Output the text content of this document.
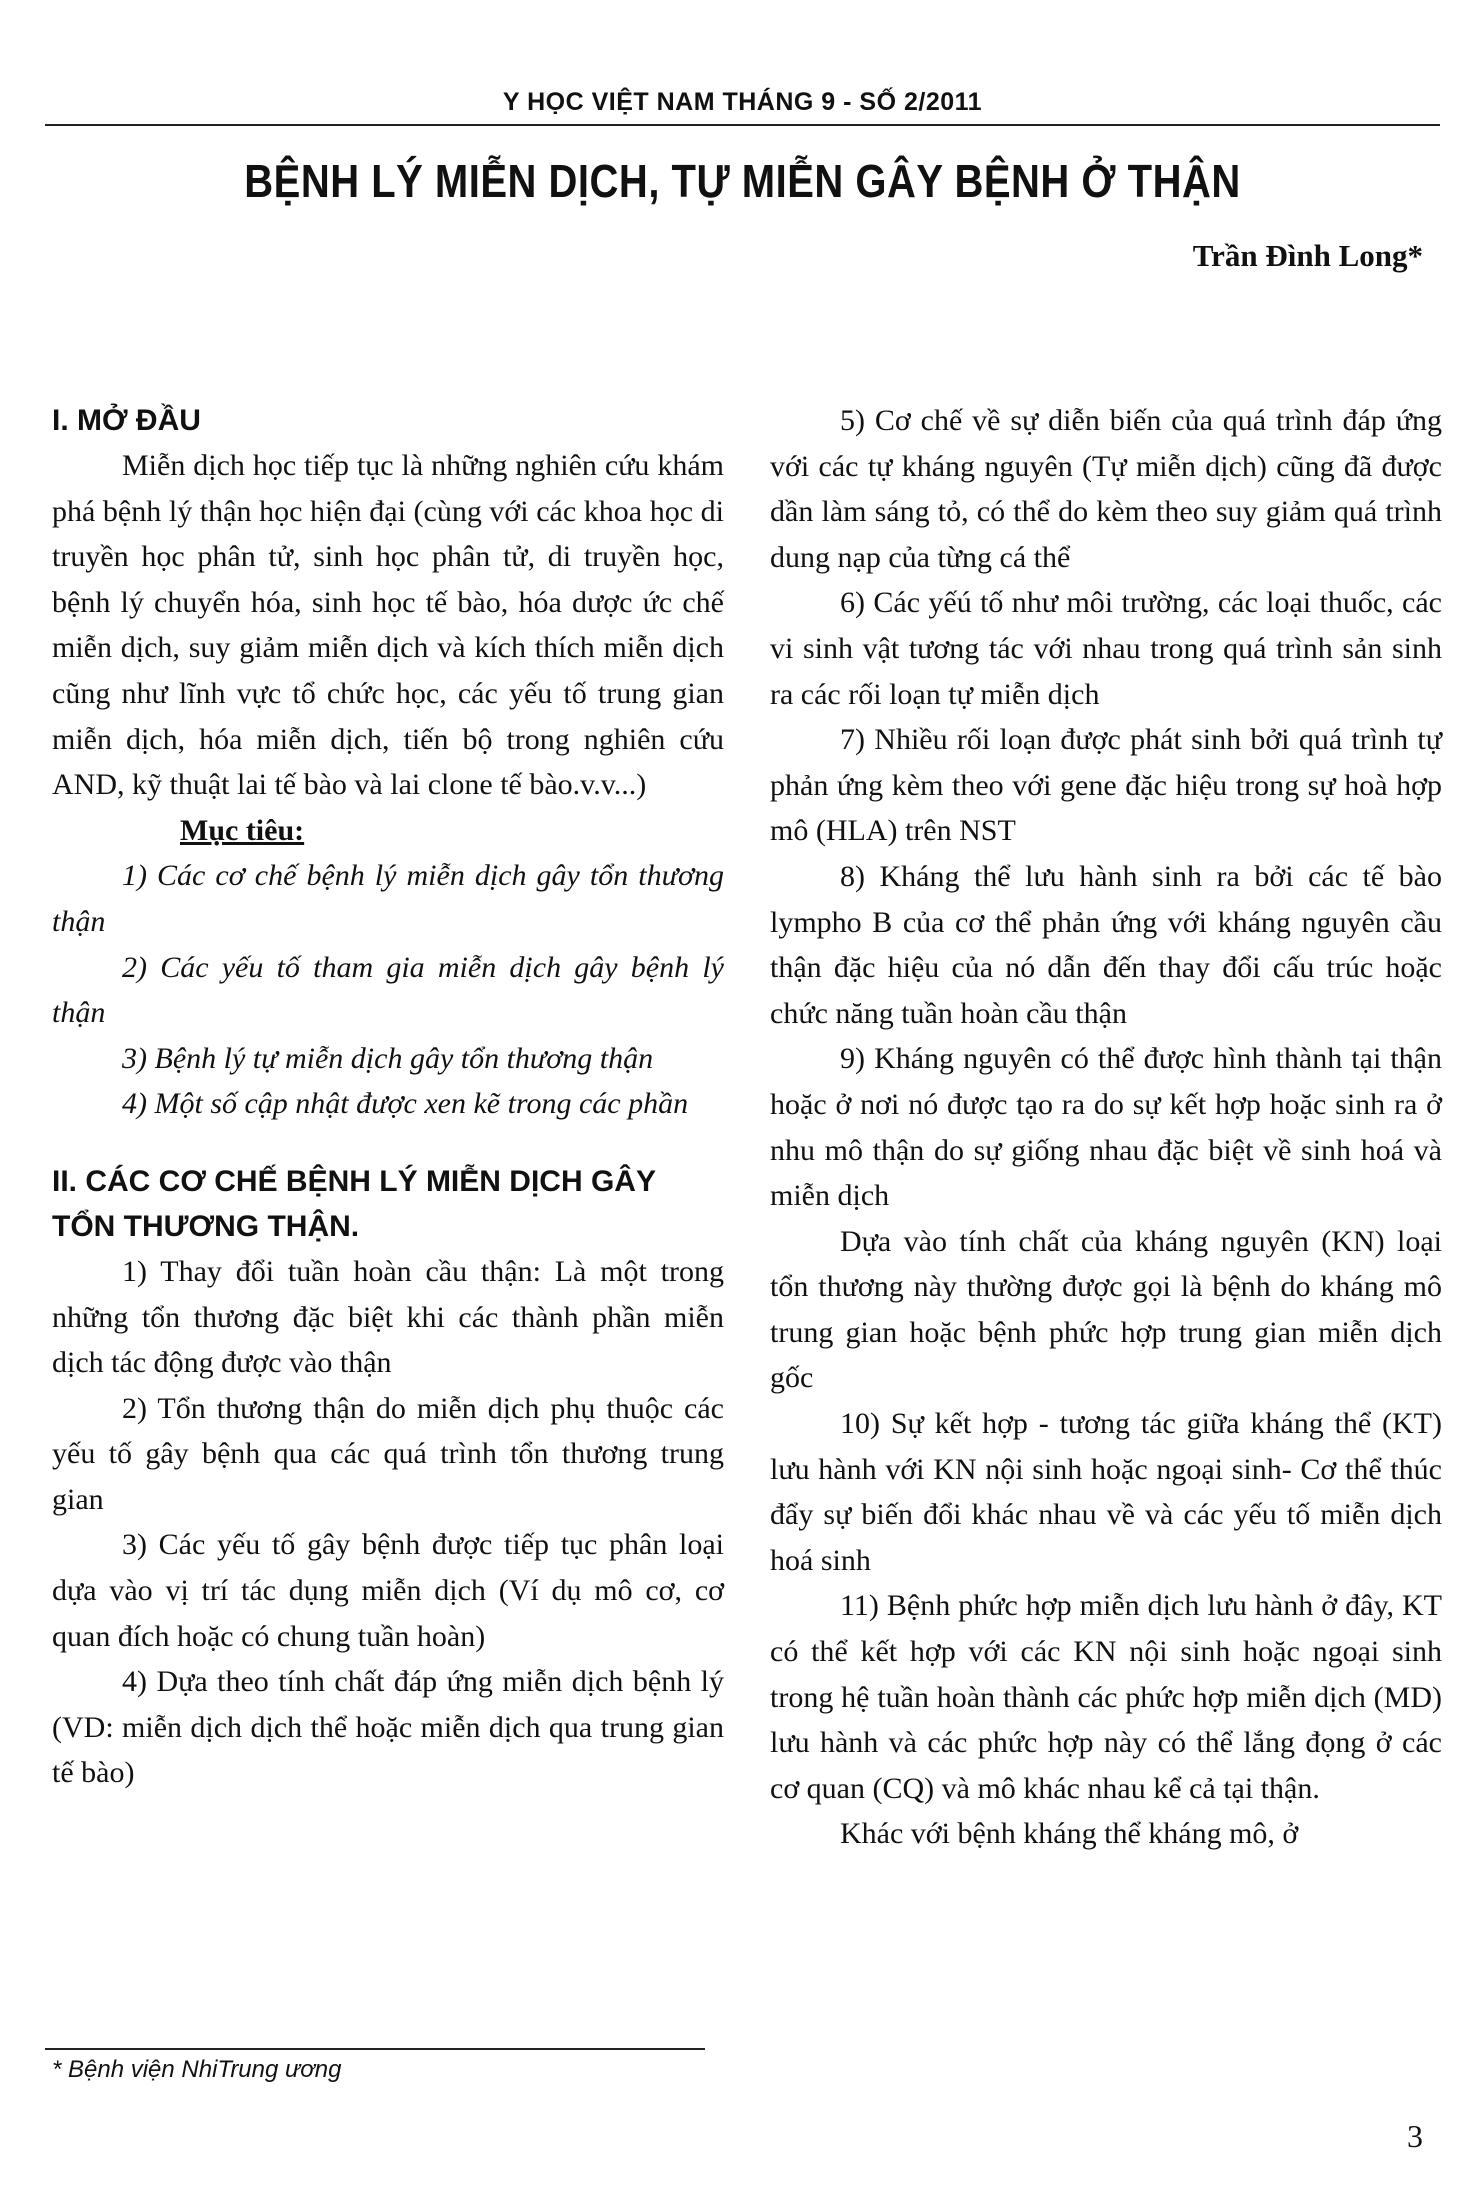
Y HỌC VIỆT NAM THÁNG 9 - SỐ 2/2011
BỆNH LÝ MIỄN DỊCH, TỰ MIỄN GÂY BỆNH Ở THẬN
Trần Đình Long*
I. MỞ ĐẦU

Miễn dịch học tiếp tục là những nghiên cứu khám phá bệnh lý thận học hiện đại (cùng với các khoa học di truyền học phân tử, sinh học phân tử, di truyền học, bệnh lý chuyển hóa, sinh học tế bào, hóa dược ức chế miễn dịch, suy giảm miễn dịch và kích thích miễn dịch cũng như lĩnh vực tổ chức học, các yếu tố trung gian miễn dịch, hóa miễn dịch, tiến bộ trong nghiên cứu AND, kỹ thuật lai tế bào và lai clone tế bào.v.v...)

Mục tiêu:

1) Các cơ chế bệnh lý miễn dịch gây tổn thương thận

2) Các yếu tố tham gia miễn dịch gây bệnh lý thận

3) Bệnh lý tự miễn dịch gây tổn thương thận

4) Một số cập nhật được xen kẽ trong các phần

II. CÁC CƠ CHẾ BỆNH LÝ MIỄN DỊCH GÂY TỔN THƯƠNG THẬN.

1) Thay đổi tuần hoàn cầu thận: Là một trong những tổn thương đặc biệt khi các thành phần miễn dịch tác động được vào thận

2) Tổn thương thận do miễn dịch phụ thuộc các yếu tố gây bệnh qua các quá trình tổn thương trung gian

3) Các yếu tố gây bệnh được tiếp tục phân loại dựa vào vị trí tác dụng miễn dịch (Ví dụ mô cơ, cơ quan đích hoặc có chung tuần hoàn)

4) Dựa theo tính chất đáp ứng miễn dịch bệnh lý (VD: miễn dịch dịch thể hoặc miễn dịch qua trung gian tế bào)

5) Cơ chế về sự diễn biến của quá trình đáp ứng với các tự kháng nguyên (Tự miễn dịch) cũng đã được dần làm sáng tỏ, có thể do kèm theo suy giảm quá trình dung nạp của từng cá thể

6) Các yếú tố như môi trường, các loại thuốc, các vi sinh vật tương tác với nhau trong quá trình sản sinh ra các rối loạn tự miễn dịch

7) Nhiều rối loạn được phát sinh bởi quá trình tự phản ứng kèm theo với gene đặc hiệu trong sự hoà hợp mô (HLA) trên NST

8) Kháng thể lưu hành sinh ra bởi các tế bào lympho B của cơ thể phản ứng với kháng nguyên cầu thận đặc hiệu của nó dẫn đến thay đổi cấu trúc hoặc chức năng tuần hoàn cầu thận

9) Kháng nguyên có thể được hình thành tại thận hoặc ở nơi nó được tạo ra do sự kết hợp hoặc sinh ra ở nhu mô thận do sự giống nhau đặc biệt về sinh hoá và miễn dịch

Dựa vào tính chất của kháng nguyên (KN) loại tổn thương này thường được gọi là bệnh do kháng mô trung gian hoặc bệnh phức hợp trung gian miễn dịch gốc

10) Sự kết hợp - tương tác giữa kháng thể (KT) lưu hành với KN nội sinh hoặc ngoại sinh- Cơ thể thúc đẩy sự biến đổi khác nhau về và các yếu tố miễn dịch hoá sinh

11) Bệnh phức hợp miễn dịch lưu hành ở đây, KT có thể kết hợp với các KN nội sinh hoặc ngoại sinh trong hệ tuần hoàn thành các phức hợp miễn dịch (MD) lưu hành và các phức hợp này có thể lắng đọng ở các cơ quan (CQ) và mô khác nhau kể cả tại thận.

Khác với bệnh kháng thể kháng mô, ở

* Bệnh viện NhiTrung ương
3
